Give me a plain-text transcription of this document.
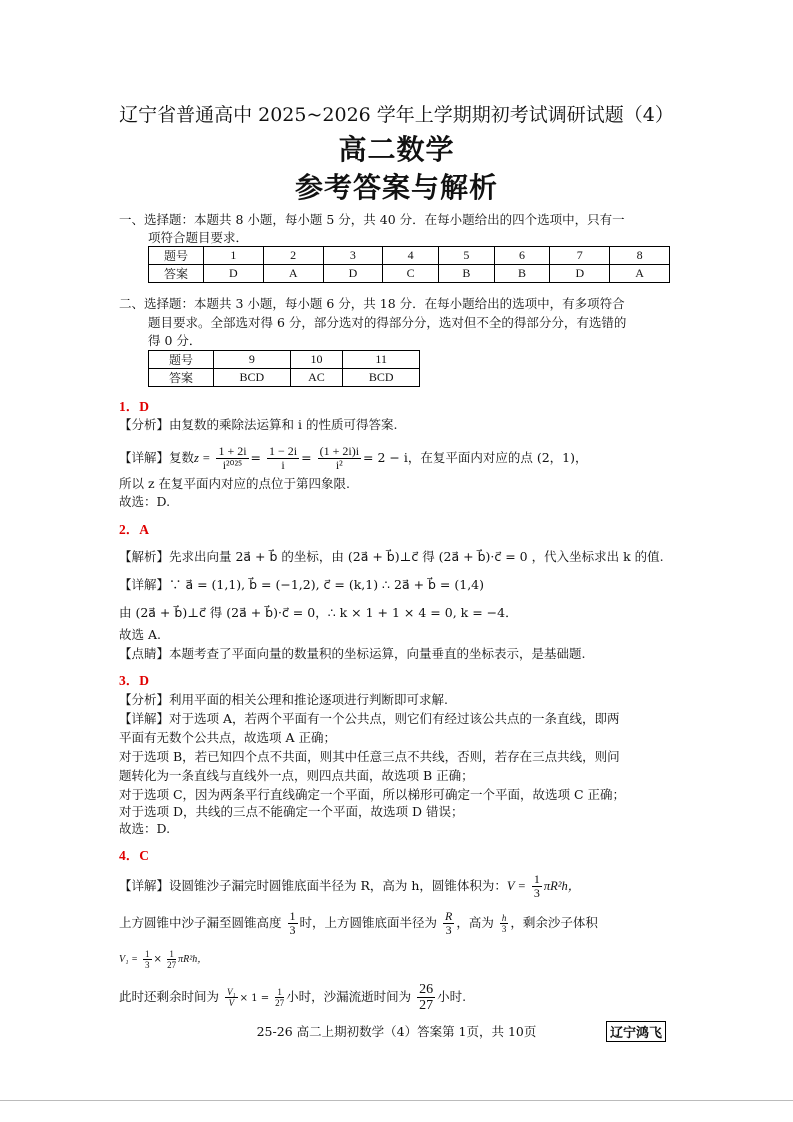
辽宁省普通高中 2025~2026 学年上学期期初考试调研试题（4）
高二数学
参考答案与解析
一、选择题：本题共 8 小题，每小题 5 分，共 40 分．在每小题给出的四个选项中，只有一
项符合题目要求．
题号	1	2	3	4	5	6	7	8
答案	D	A	D	C	B	B	D	A
二、选择题：本题共 3 小题，每小题 6 分，共 18 分．在每小题给出的选项中，有多项符合
题目要求。全部选对得 6 分，部分选对的得部分分，选对但不全的得部分分，有选错的
得 0 分．
题号	9	10	11
答案	BCD	AC	BCD
1．D
【分析】由复数的乘除法运算和 i 的性质可得答案.
【详解】复数$z = \frac{1 + 2i}{\text{i²⁰²⁵}} = \frac{1 - 2i}{i} = \frac{(1 + 2i)i}{\text{i²}} = 2 - i$，在复平面内对应的点 (2，1)，
所以 z 在复平面内对应的点位于第四象限.
故选：D.
2．A
【解析】先求出向量 2a⃗ + b⃗ 的坐标，由 (2a⃗ + b⃗)⊥c⃗ 得 (2a⃗ + b⃗)·c⃗ = 0 ，代入坐标求出 k 的值.
【详解】∵ a⃗ = (1,1), b⃗ = (−1,2), c⃗ = (k,1) ∴ 2a⃗ + b⃗ = (1,4)
由 (2a⃗ + b⃗)⊥c⃗ 得 (2a⃗ + b⃗)·c⃗ = 0，∴ k × 1 + 1 × 4 = 0, k = −4．
故选 A.
【点睛】本题考查了平面向量的数量积的坐标运算，向量垂直的坐标表示，是基础题.
3．D
【分析】利用平面的相关公理和推论逐项进行判断即可求解.
【详解】对于选项 A，若两个平面有一个公共点，则它们有经过该公共点的一条直线，即两
平面有无数个公共点，故选项 A 正确；
对于选项 B，若已知四个点不共面，则其中任意三点不共线，否则，若存在三点共线，则问
题转化为一条直线与直线外一点，则四点共面，故选项 B 正确；
对于选项 C，因为两条平行直线确定一个平面，所以梯形可确定一个平面，故选项 C 正确；
对于选项 D，共线的三点不能确定一个平面，故选项 D 错误；
故选：D.
4．C
【详解】设圆锥沙子漏完时圆锥底面半径为 R，高为 h，圆锥体积为：$V = \frac{1}{3} \pi R^2h$，
上方圆锥中沙子漏至圆锥高度 $\frac{1}{3}$ 时，上方圆锥底面半径为 $\frac{R}{3}$ ，高为 $\frac{h}{3}$ ，剩余沙子体积
$V_1 = \frac{1}{3} \times \frac{1}{27} \pi R^2h$，
此时还剩余时间为 $\frac{\text{V₁}}{V} \times 1 = \frac{1}{27}$ 小时，沙漏流逝时间为 $\frac{26}{27}$ 小时.
25-26 高二上期初数学（4）答案第 1页，共 10页	辽宁鸿飞
